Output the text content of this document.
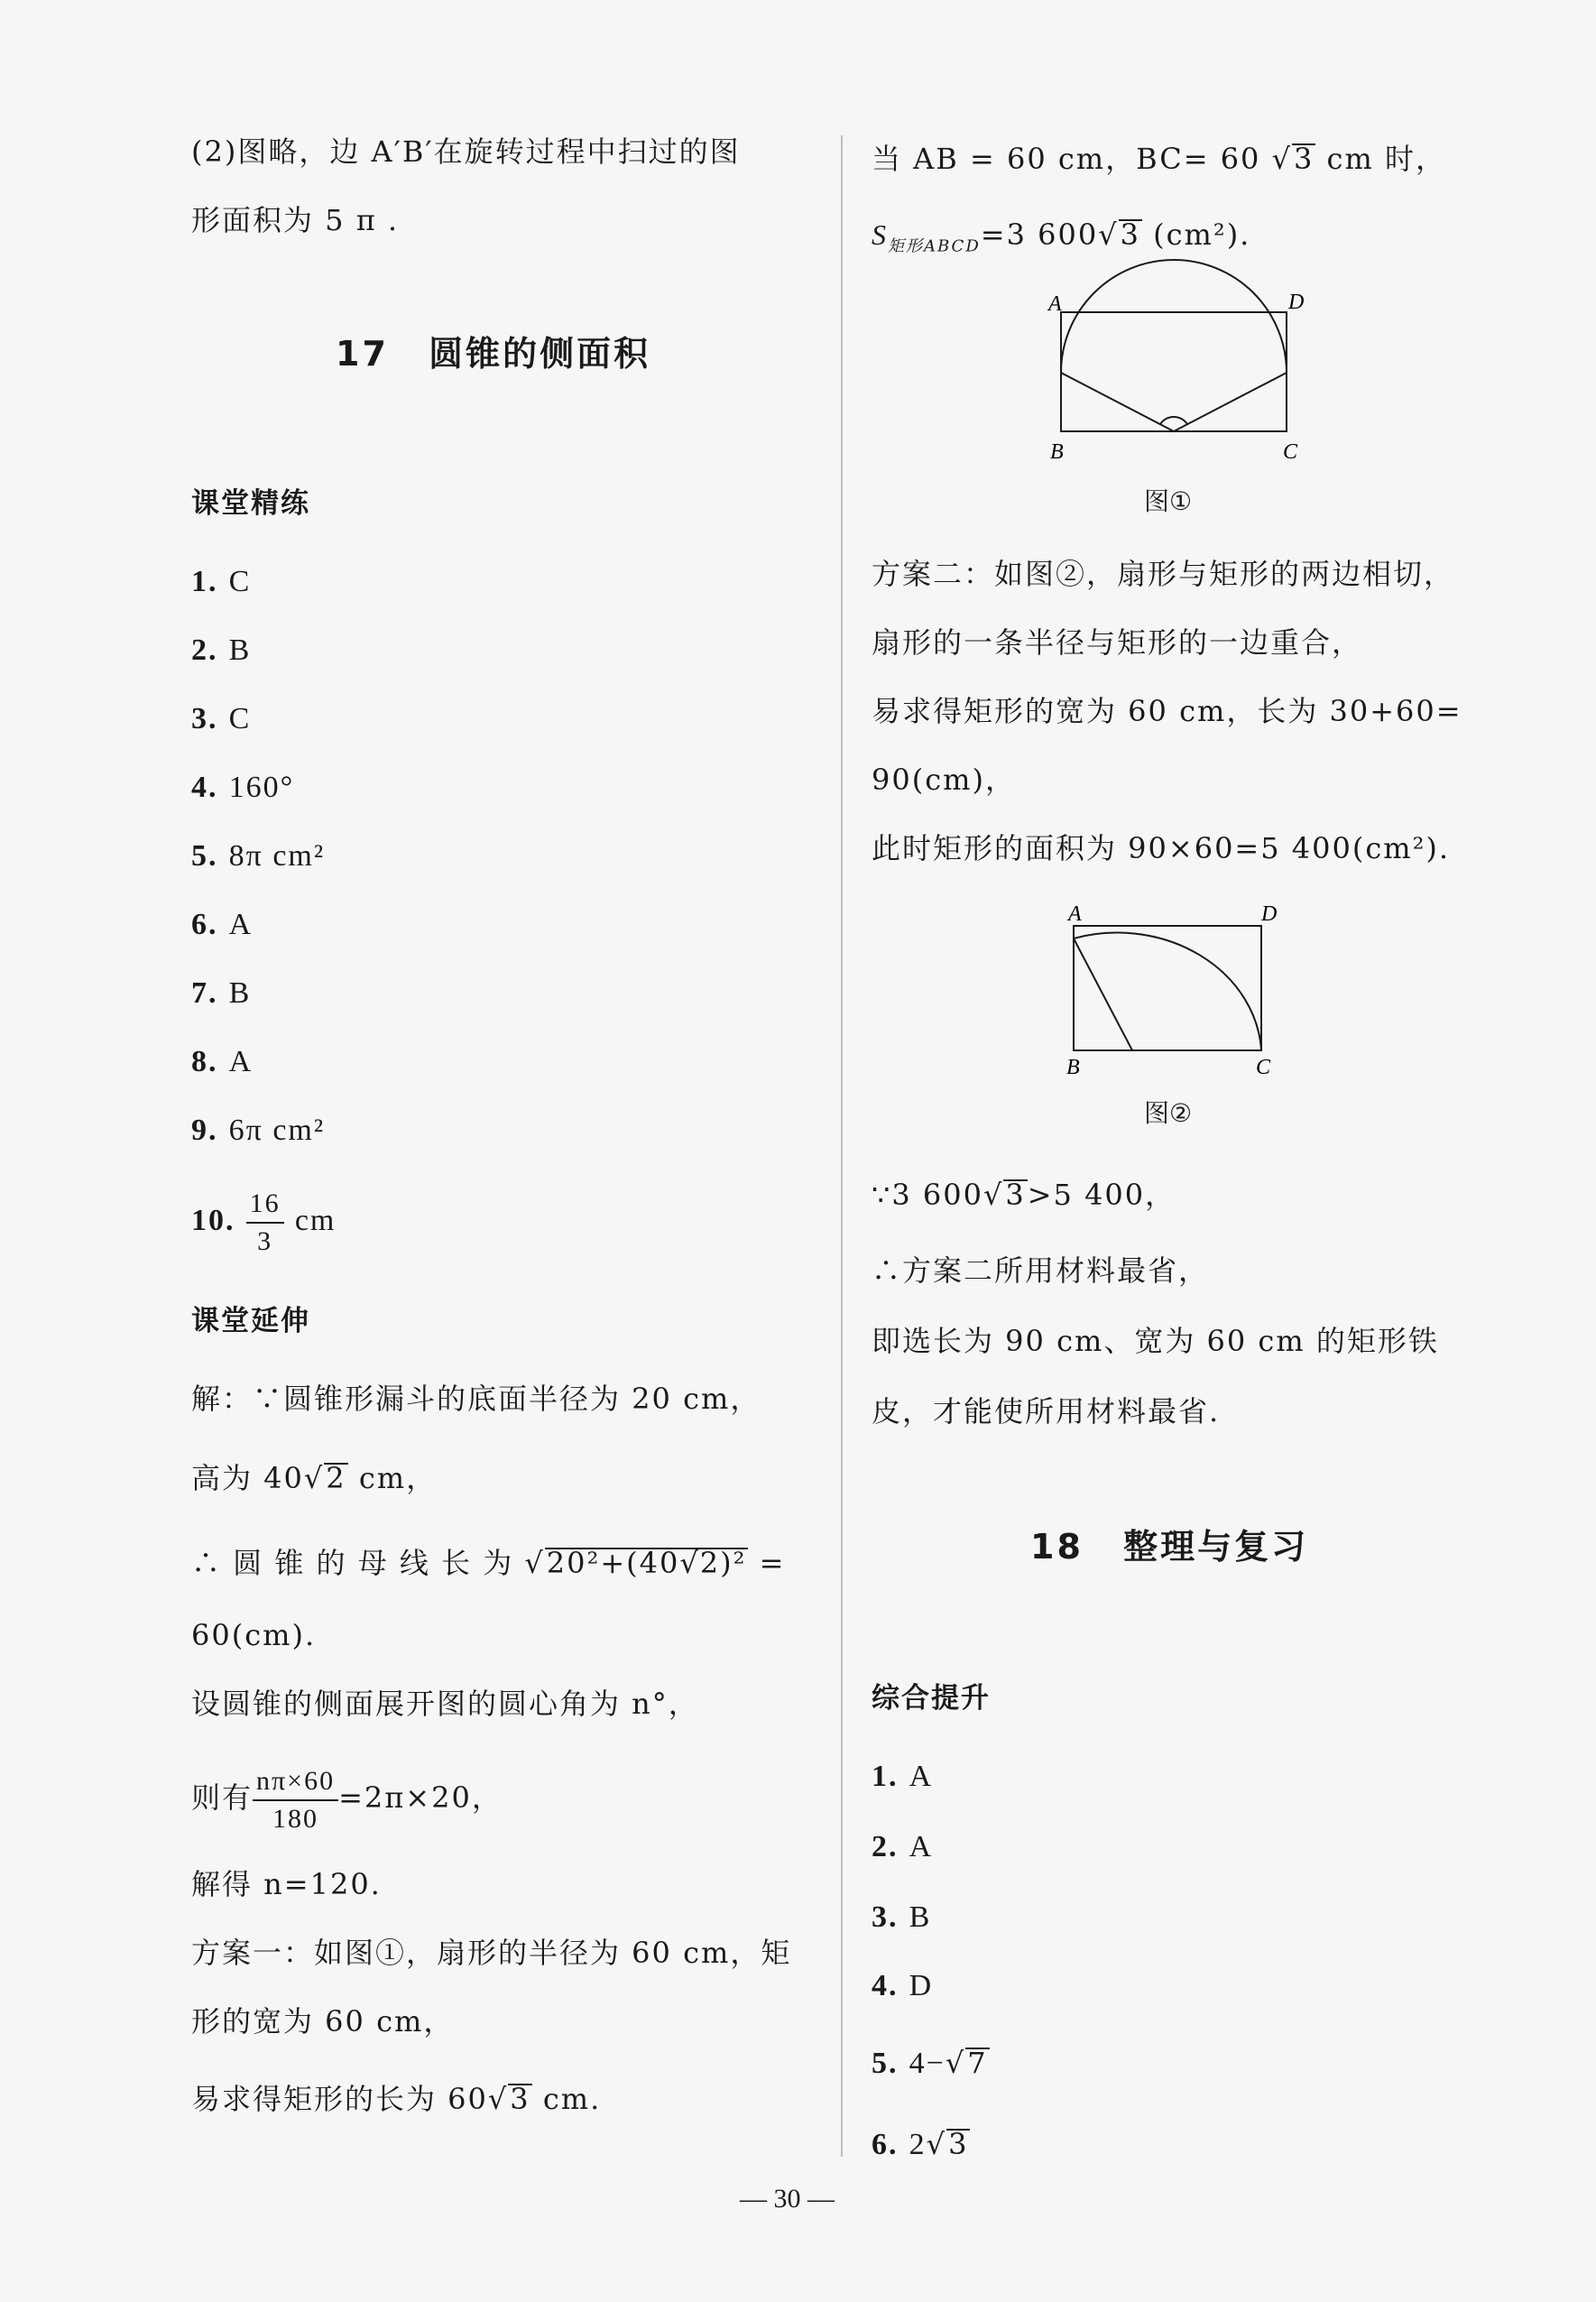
(2)图略，边 A′B′在旋转过程中扫过的图
形面积为 5 π .
17 圆锥的侧面积
课堂精练
1. C
2. B
3. C
4. 160°
5. 8π cm²
6. A
7. B
8. A
9. 6π cm²
10. $\frac{16}{3}$ cm
课堂延伸
解：∵圆锥形漏斗的底面半径为 20 cm，
高为 40√2 cm，
∴ 圆 锥 的 母 线 长 为 √20²+(40√2)² =
60(cm).
设圆锥的侧面展开图的圆心角为 n°，
则有 $\frac{n\pi\times 60}{180} =2\pi\times 20$，
解得 n=120.
方案一：如图①，扇形的半径为 60 cm，矩
形的宽为 60 cm，
易求得矩形的长为 60√3 cm.
当 AB = 60 cm，BC= 60 √3 cm 时，
$S_{矩形ABCD}=3$ 600√3 (cm²).
A	D
B	C
图①
方案二：如图②，扇形与矩形的两边相切，
扇形的一条半径与矩形的一边重合，
易求得矩形的宽为 60 cm，长为 30+60=
90(cm)，
此时矩形的面积为 90×60=5 400(cm²).
A	D
B	C
图②
∵3 600√3>5 400，
∴方案二所用材料最省，
即选长为 90 cm、宽为 60 cm 的矩形铁
皮，才能使所用材料最省.
18 整理与复习
综合提升
1. A
2. A
3. B
4. D
5. 4−√7
6. 2√3
— 30 —
